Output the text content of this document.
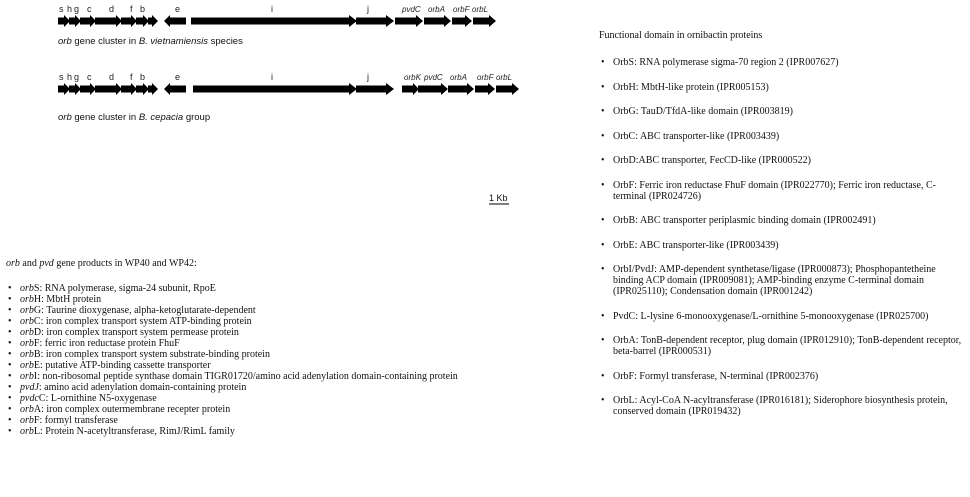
s h g c d f b	e	i	j	pvdC orbA orbF orbL
orb gene cluster in B. vietnamiensis species
s h g c d f b	e	i	j	orbK pvdC orbA orbF orbL
orb gene cluster in B. cepacia group
1 Kb
orb and pvd gene products in WP40 and WP42:
• orbS: RNA polymerase, sigma-24 subunit, RpoE
• orbH: MbtH protein
• orbG: Taurine dioxygenase, alpha-ketoglutarate-dependent
• orbC: iron complex transport system ATP-binding protein
• orbD: iron complex transport system permease protein
• orbF: ferric iron reductase protein FhuF
• orbB: iron complex transport system substrate-binding protein
• orbE: putative ATP-binding cassette transporter
• orbI: non-ribosomal peptide synthase domain TIGR01720/amino acid adenylation domain-containing protein
• pvdJ: amino acid adenylation domain-containing protein
• pvdcC: L-ornithine N5-oxygenase
• orbA: iron complex outermembrane recepter protein
• orbF: formyl transferase
• orbL: Protein N-acetyltransferase, RimJ/RimL family
Functional domain in ornibactin proteins
• OrbS: RNA polymerase sigma-70 region 2 (IPR007627)
• OrbH: MbtH-like protein (IPR005153)
• OrbG: TauD/TfdA-like domain (IPR003819)
• OrbC: ABC transporter-like (IPR003439)
• OrbD:ABC transporter, FecCD-like (IPR000522)
• OrbF: Ferric iron reductase FhuF domain (IPR022770); Ferric iron reductase, C-terminal (IPR024726)
• OrbB: ABC transporter periplasmic binding domain (IPR002491)
• OrbE: ABC transporter-like (IPR003439)
• OrbI/PvdJ: AMP-dependent synthetase/ligase (IPR000873); Phosphopantetheine binding ACP domain (IPR009081); AMP-binding enzyme C-terminal domain (IPR025110); Condensation domain (IPR001242)
• PvdC: L-lysine 6-monooxygenase/L-ornithine 5-monooxygenase (IPR025700)
• OrbA: TonB-dependent receptor, plug domain (IPR012910); TonB-dependent receptor, beta-barrel (IPR000531)
• OrbF: Formyl transferase, N-terminal (IPR002376)
• OrbL: Acyl-CoA N-acyltransferase (IPR016181); Siderophore biosynthesis protein, conserved domain (IPR019432)
